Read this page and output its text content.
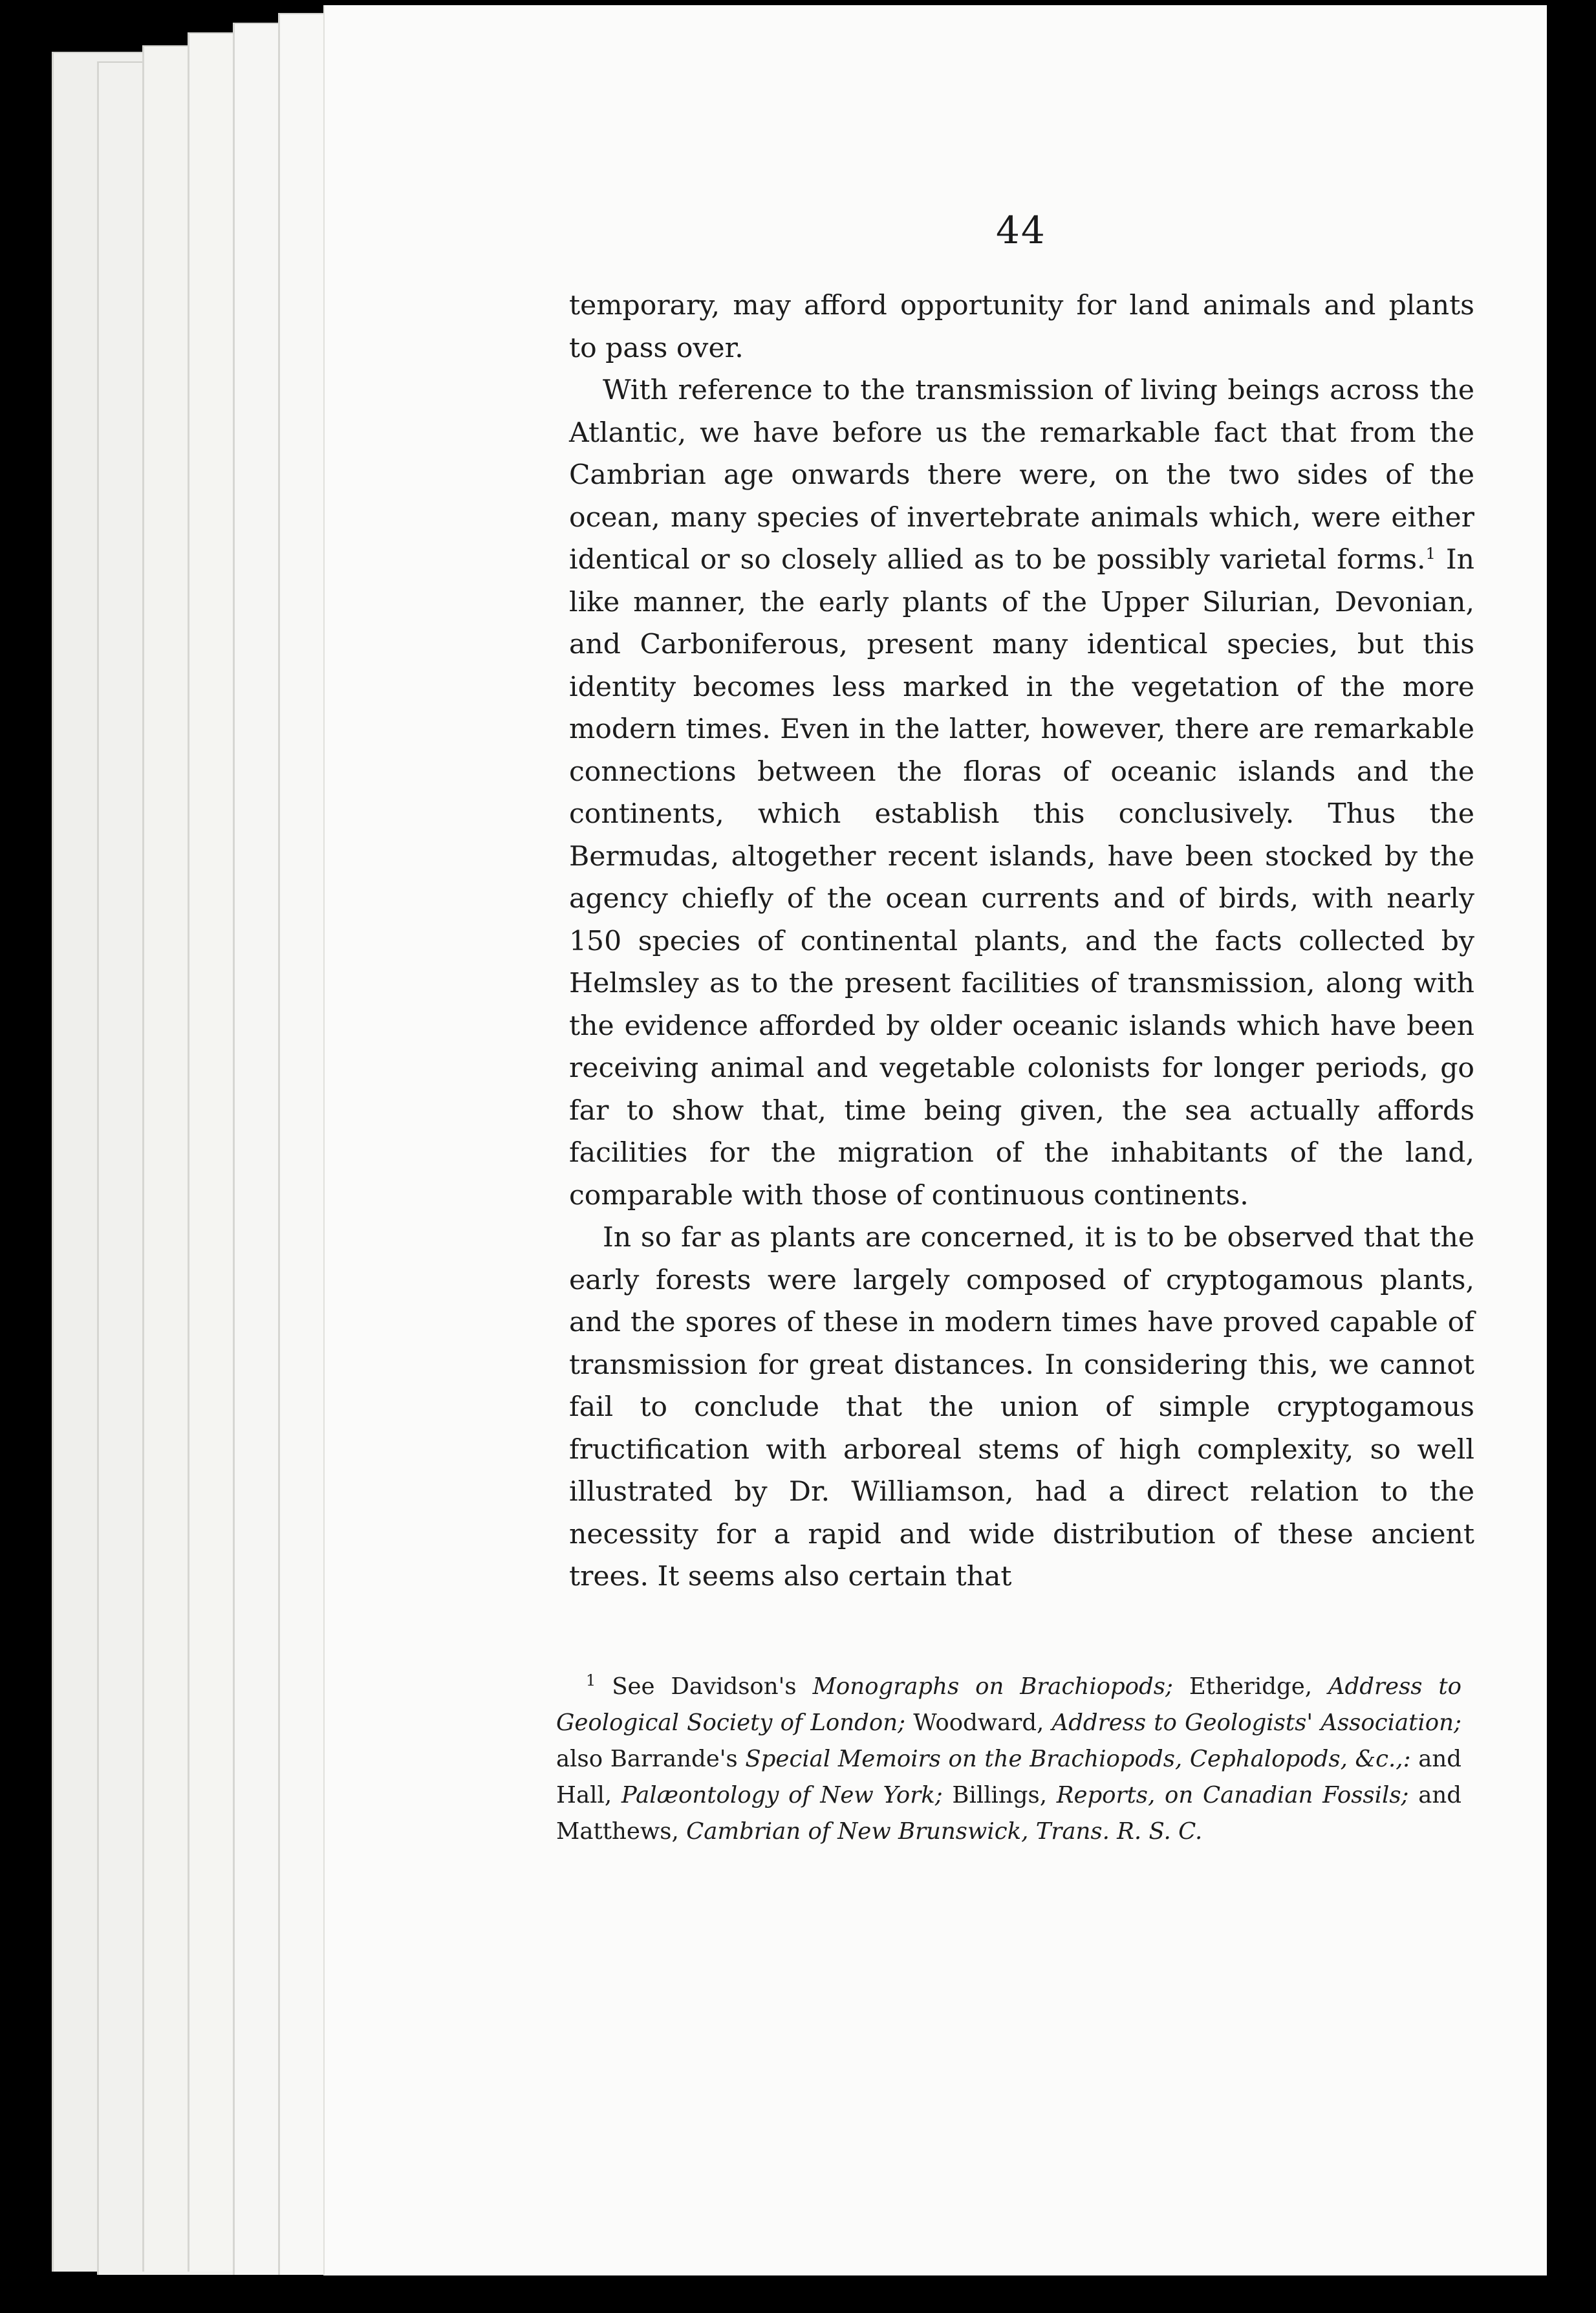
44

temporary, may afford opportunity for land animals and plants to pass over.

With reference to the transmission of living beings across the Atlantic, we have before us the remarkable fact that from the Cambrian age onwards there were, on the two sides of the ocean, many species of invertebrate animals which, were either identical or so closely allied as to be possibly varietal forms.$^1$ In like manner, the early plants of the Upper Silurian, Devonian, and Carboniferous, present many identical species, but this identity becomes less marked in the vegetation of the more modern times. Even in the latter, however, there are remarkable connections between the floras of oceanic islands and the continents, which establish this conclusively. Thus the Bermudas, altogether recent islands, have been stocked by the agency chiefly of the ocean currents and of birds, with nearly 150 species of continental plants, and the facts collected by Helmsley as to the present facilities of transmission, along with the evidence afforded by older oceanic islands which have been receiving animal and vegetable colonists for longer periods, go far to show that, time being given, the sea actually affords facilities for the migration of the inhabitants of the land, comparable with those of continuous continents.

In so far as plants are concerned, it is to be observed that the early forests were largely composed of cryptogamous plants, and the spores of these in modern times have proved capable of transmission for great distances. In considering this, we cannot fail to conclude that the union of simple cryptogamous fructification with arboreal stems of high complexity, so well illustrated by Dr. Williamson, had a direct relation to the necessity for a rapid and wide distribution of these ancient trees. It seems also certain that

$^1$ See Davidson's Monographs on Brachiopods; Etheridge, Address to Geological Society of London; Woodward, Address to Geologists' Association; also Barrande's Special Memoirs on the Brachiopods, Cephalopods, &c.,: and Hall, Palæontology of New York; Billings, Reports, on Canadian Fossils; and Matthews, Cambrian of New Brunswick, Trans. R. S. C.
